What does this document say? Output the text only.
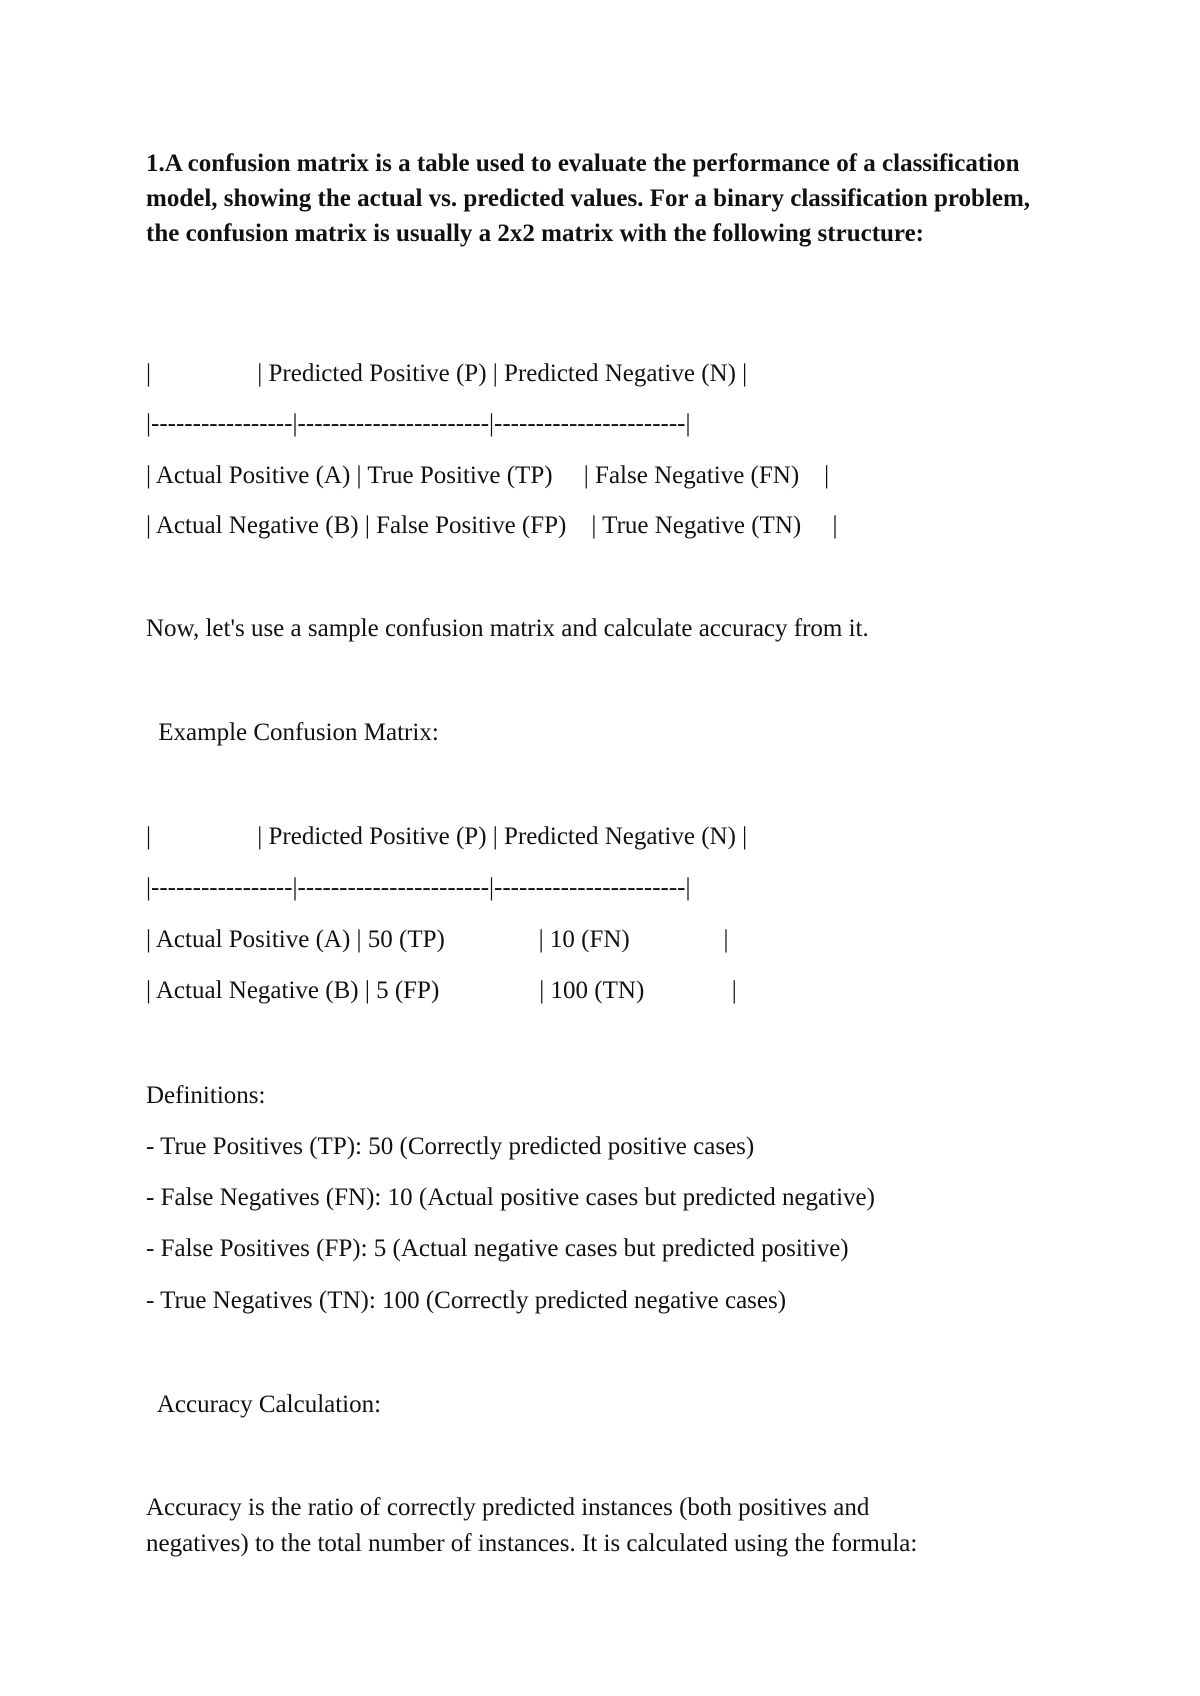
1.A confusion matrix is a table used to evaluate the performance of a classification model, showing the actual vs. predicted values. For a binary classification problem, the confusion matrix is usually a 2x2 matrix with the following structure:

|                 | Predicted Positive (P) | Predicted Negative (N) |

|-----------------|-----------------------|-----------------------|

| Actual Positive (A) | True Positive (TP)     | False Negative (FN)    |

| Actual Negative (B) | False Positive (FP)    | True Negative (TN)     |

Now, let's use a sample confusion matrix and calculate accuracy from it.

Example Confusion Matrix:

|                 | Predicted Positive (P) | Predicted Negative (N) |

|-----------------|-----------------------|-----------------------|

| Actual Positive (A) | 50 (TP)               | 10 (FN)               |

| Actual Negative (B) | 5 (FP)                | 100 (TN)              |

Definitions:

- True Positives (TP): 50 (Correctly predicted positive cases)

- False Negatives (FN): 10 (Actual positive cases but predicted negative)

- False Positives (FP): 5 (Actual negative cases but predicted positive)

- True Negatives (TN): 100 (Correctly predicted negative cases)

Accuracy Calculation:

Accuracy is the ratio of correctly predicted instances (both positives and

negatives) to the total number of instances. It is calculated using the formula:
